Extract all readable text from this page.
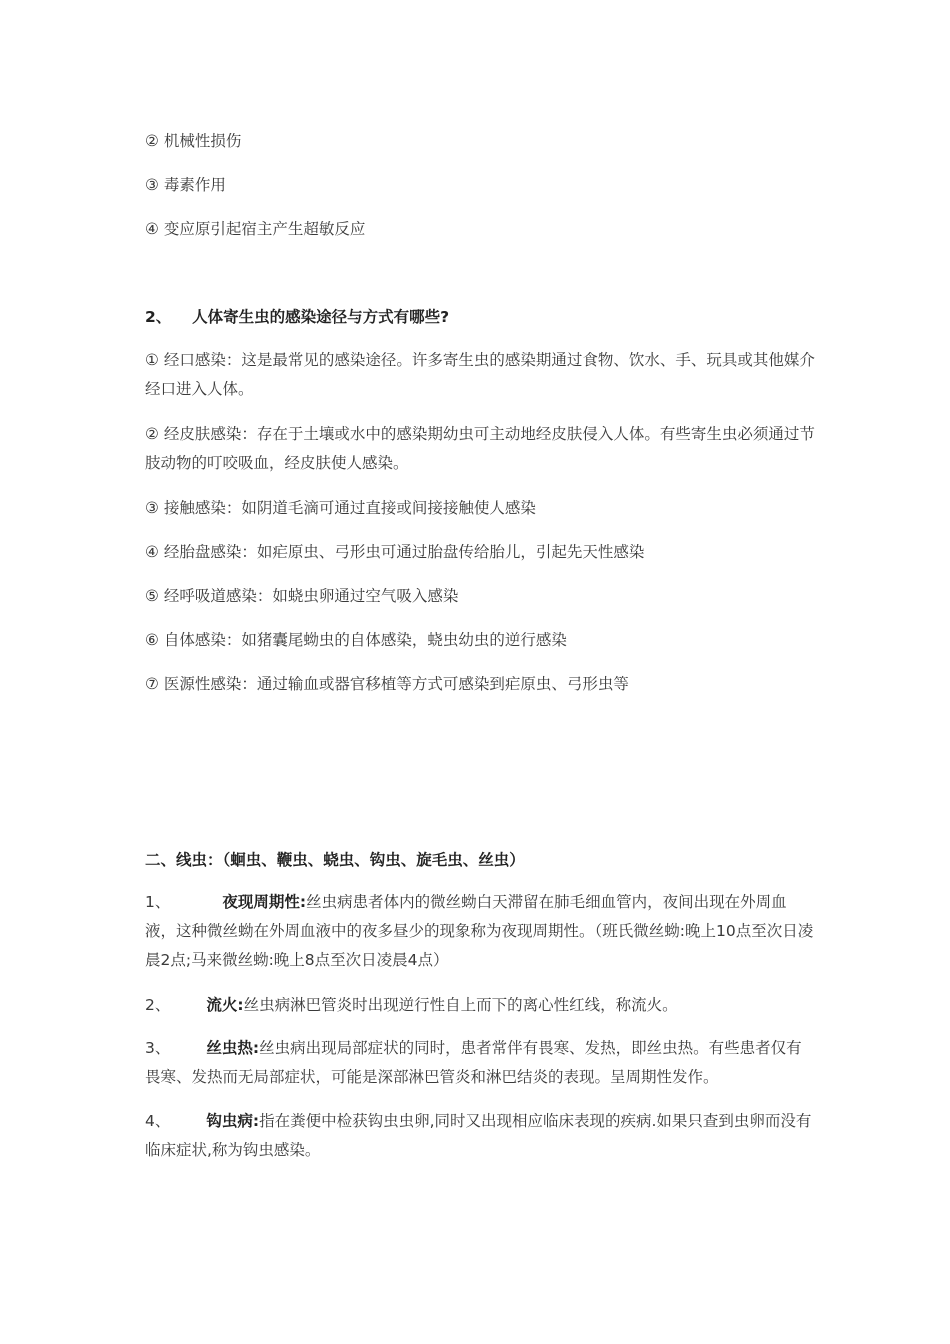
② 机械性损伤
③ 毒素作用
④ 变应原引起宿主产生超敏反应
2、 人体寄生虫的感染途径与方式有哪些?
① 经口感染：这是最常见的感染途径。许多寄生虫的感染期通过食物、饮水、手、玩具或其他媒介经口进入人体。
② 经皮肤感染：存在于土壤或水中的感染期幼虫可主动地经皮肤侵入人体。有些寄生虫必须通过节肢动物的叮咬吸血，经皮肤使人感染。
③ 接触感染：如阴道毛滴可通过直接或间接接触使人感染
④ 经胎盘感染：如疟原虫、弓形虫可通过胎盘传给胎儿，引起先天性感染
⑤ 经呼吸道感染：如蛲虫卵通过空气吸入感染
⑥ 自体感染：如猪囊尾蚴虫的自体感染，蛲虫幼虫的逆行感染
⑦ 医源性感染：通过输血或器官移植等方式可感染到疟原虫、弓形虫等
二、线虫：（蛔虫、鞭虫、蛲虫、钩虫、旋毛虫、丝虫）
1、	夜现周期性:丝虫病患者体内的微丝蚴白天滞留在肺毛细血管内，夜间出现在外周血液，这种微丝蚴在外周血液中的夜多昼少的现象称为夜现周期性。（班氏微丝蚴:晚上10点至次日凌晨2点;马来微丝蚴:晚上8点至次日凌晨4点）
2、 流火:丝虫病淋巴管炎时出现逆行性自上而下的离心性红线，称流火。
3、 丝虫热:丝虫病出现局部症状的同时，患者常伴有畏寒、发热，即丝虫热。有些患者仅有畏寒、发热而无局部症状，可能是深部淋巴管炎和淋巴结炎的表现。呈周期性发作。
4、 钩虫病:指在粪便中检获钩虫虫卵,同时又出现相应临床表现的疾病.如果只查到虫卵而没有临床症状,称为钩虫感染。
